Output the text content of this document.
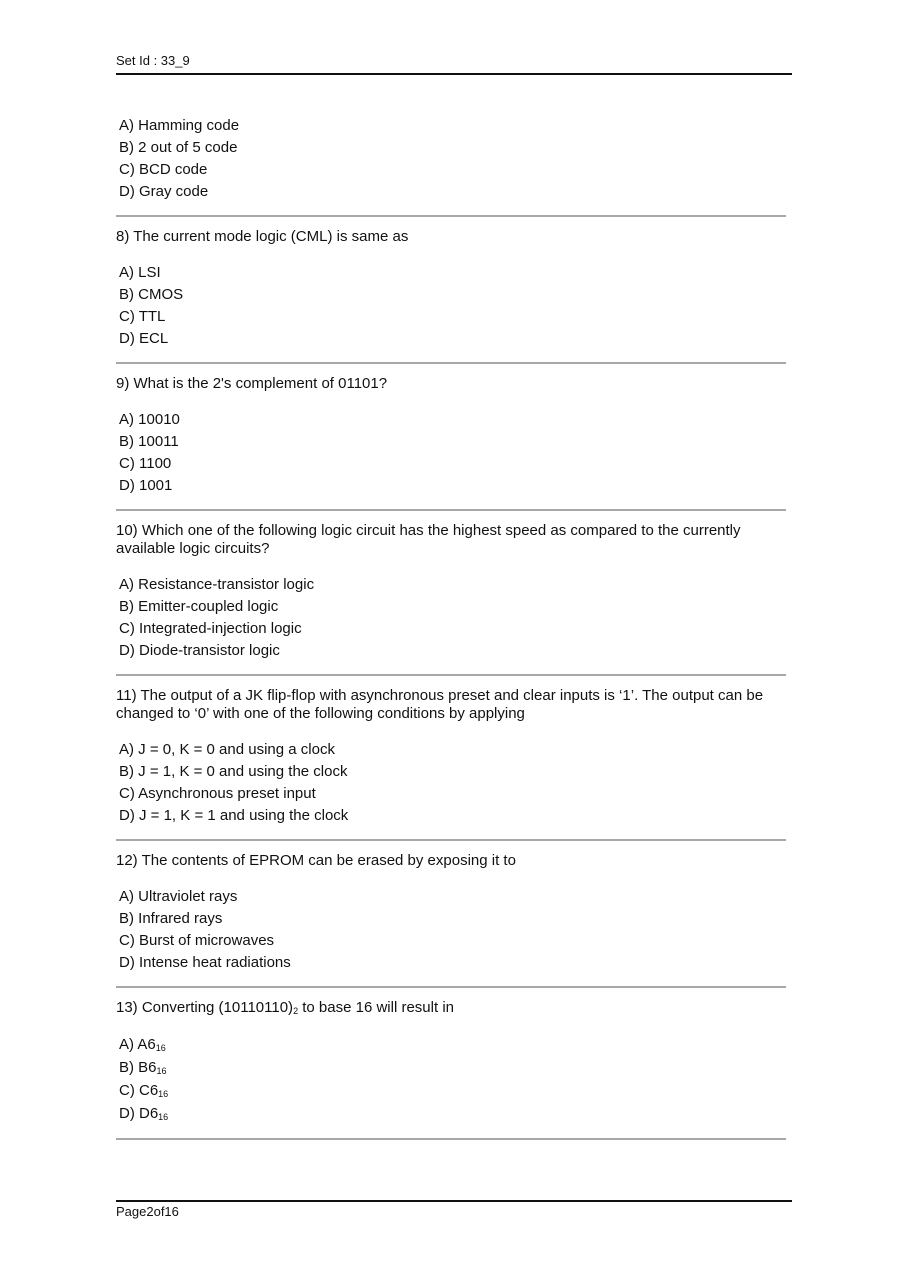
Set Id : 33_9
A) Hamming code
B) 2 out of 5 code
C) BCD code
D) Gray code

8) The current mode logic (CML) is same as

A) LSI
B) CMOS
C) TTL
D) ECL

9) What is the 2's complement of 01101?

A) 10010
B) 10011
C) 1100
D) 1001

10) Which one of the following logic circuit has the highest speed as compared to the currently available logic circuits?

A) Resistance-transistor logic
B) Emitter-coupled logic
C) Integrated-injection logic
D) Diode-transistor logic

11) The output of a JK flip-flop with asynchronous preset and clear inputs is ‘1’. The output can be changed to ‘0’ with one of the following conditions by applying

A) J = 0, K = 0 and using a clock
B) J = 1, K = 0 and using the clock
C) Asynchronous preset input
D) J = 1, K = 1 and using the clock

12) The contents of EPROM can be erased by exposing it to

A) Ultraviolet rays
B) Infrared rays
C) Burst of microwaves
D) Intense heat radiations

13) Converting $(10110110)_2$ to base 16 will result in

A) $A6_{16}$
B) $B6_{16}$
C) $C6_{16}$
D) $D6_{16}$
Page2of16
